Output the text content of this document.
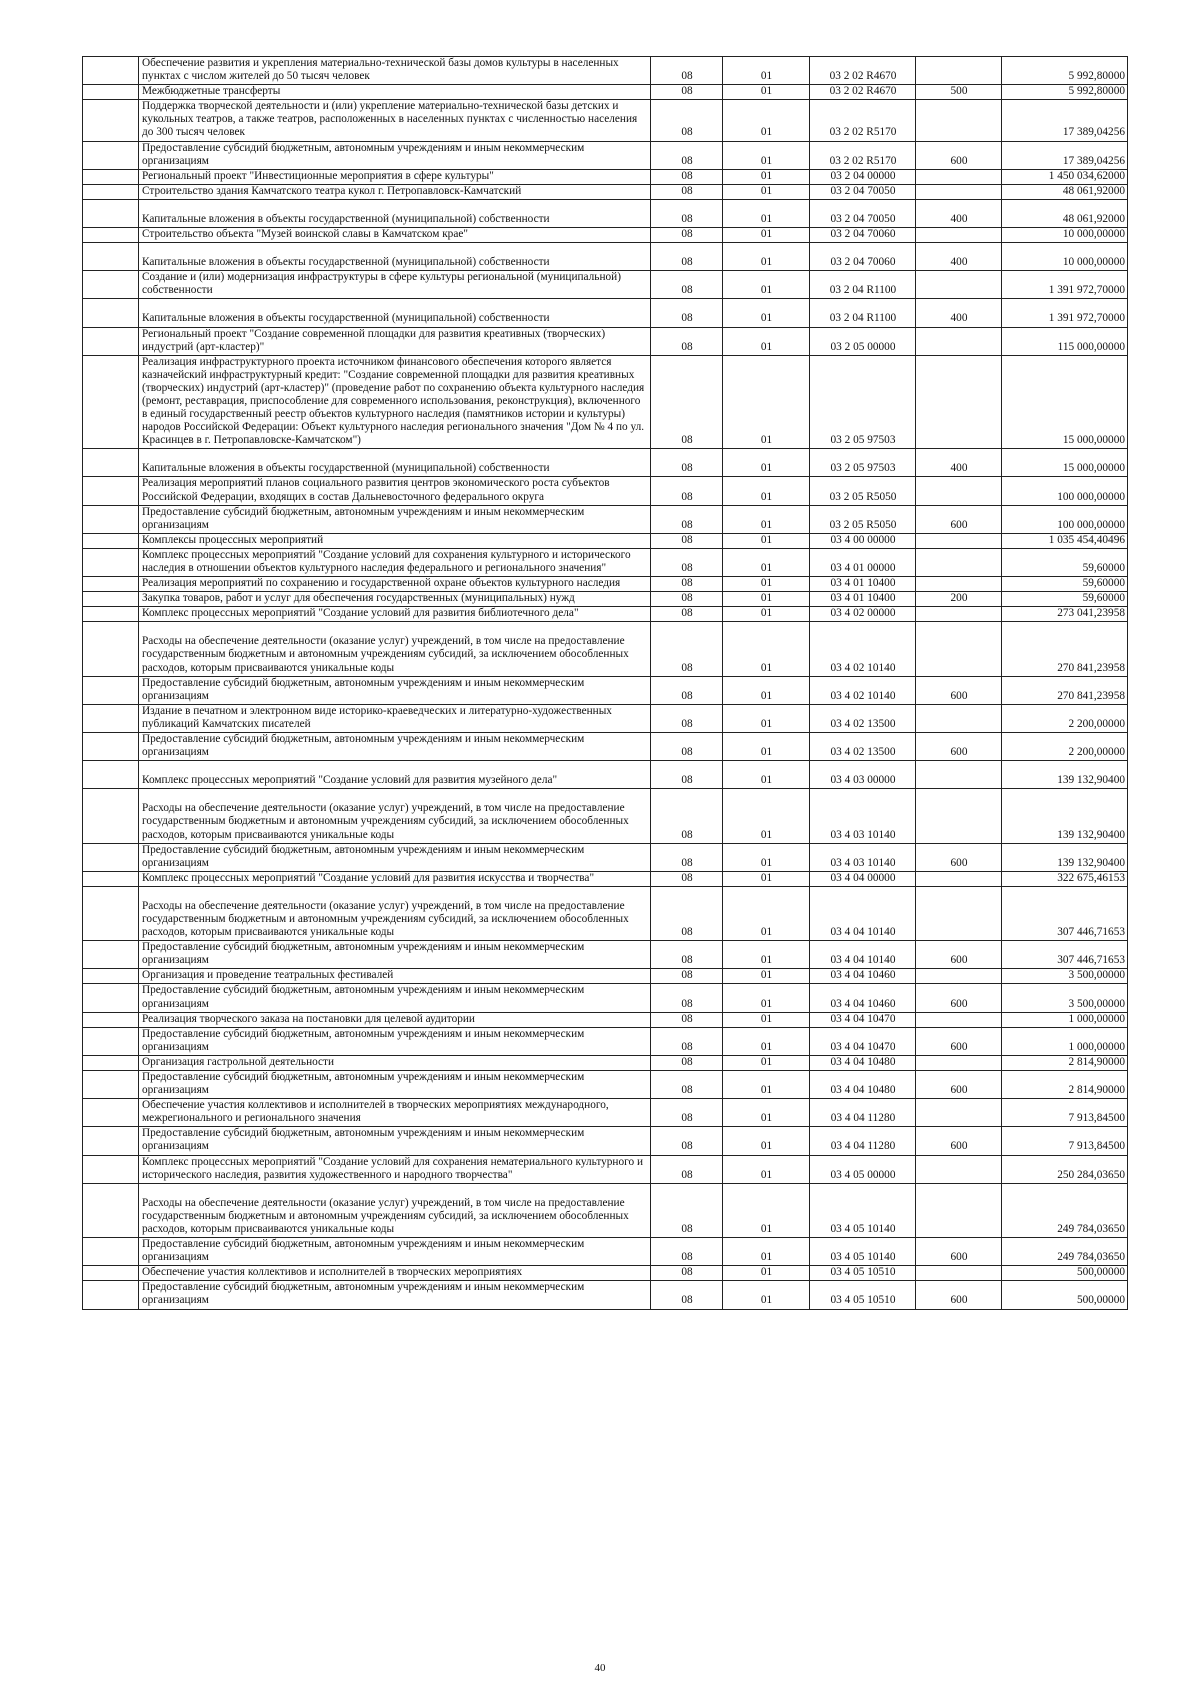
	Обеспечение развития и укрепления материально-технической базы домов культуры в населенных пунктах с числом жителей до 50 тысяч человек	08	01	03 2 02 R4670		5 992,80000

	Межбюджетные трансферты	08	01	03 2 02 R4670	500	5 992,80000

	Поддержка творческой деятельности и (или) укрепление материально-технической базы детских и кукольных театров, а также театров, расположенных в населенных пунктах с численностью населения до 300 тысяч человек	08	01	03 2 02 R5170		17 389,04256

	Предоставление субсидий бюджетным, автономным учреждениям и иным некоммерческим организациям	08	01	03 2 02 R5170	600	17 389,04256

	Региональный проект "Инвестиционные мероприятия в сфере культуры"	08	01	03 2 04 00000		1 450 034,62000

	Строительство здания Камчатского театра кукол г. Петропавловск-Камчатский	08	01	03 2 04 70050		48 061,92000

	Капитальные вложения в объекты государственной (муниципальной) собственности	08	01	03 2 04 70050	400	48 061,92000

	Строительство объекта "Музей воинской славы в Камчатском крае"	08	01	03 2 04 70060		10 000,00000

	Капитальные вложения в объекты государственной (муниципальной) собственности	08	01	03 2 04 70060	400	10 000,00000

	Создание и (или) модернизация инфраструктуры в сфере культуры региональной (муниципальной) собственности	08	01	03 2 04 R1100		1 391 972,70000

	Капитальные вложения в объекты государственной (муниципальной) собственности	08	01	03 2 04 R1100	400	1 391 972,70000

	Региональный проект "Создание современной площадки для развития креативных (творческих) индустрий (арт-кластер)"	08	01	03 2 05 00000		115 000,00000

	Реализация инфраструктурного проекта источником финансового обеспечения которого является казначейский инфраструктурный кредит: "Создание современной площадки для развития креативных (творческих) индустрий (арт-кластер)" (проведение работ по сохранению объекта культурного наследия (ремонт, реставрация, приспособление для современного использования, реконструкция), включенного в единый государственный реестр объектов культурного наследия (памятников истории и культуры) народов Российской Федерации: Объект культурного наследия регионального значения "Дом № 4 по ул. Красинцев в г. Петропавловске-Камчатском")	08	01	03 2 05 97503		15 000,00000

	Капитальные вложения в объекты государственной (муниципальной) собственности	08	01	03 2 05 97503	400	15 000,00000

	Реализация мероприятий планов социального развития центров экономического роста субъектов Российской Федерации, входящих в состав Дальневосточного федерального округа	08	01	03 2 05 R5050		100 000,00000

	Предоставление субсидий бюджетным, автономным учреждениям и иным некоммерческим организациям	08	01	03 2 05 R5050	600	100 000,00000

	Комплексы процессных мероприятий	08	01	03 4 00 00000		1 035 454,40496

	Комплекс процессных мероприятий "Создание условий для сохранения культурного и исторического наследия в отношении объектов культурного наследия федерального и регионального значения"	08	01	03 4 01 00000		59,60000

	Реализация мероприятий по сохранению и государственной охране объектов культурного наследия	08	01	03 4 01 10400		59,60000

	Закупка товаров, работ и услуг для обеспечения государственных (муниципальных) нужд	08	01	03 4 01 10400	200	59,60000

	Комплекс процессных мероприятий "Создание условий для развития библиотечного дела"	08	01	03 4 02 00000		273 041,23958

	Расходы на обеспечение деятельности (оказание услуг) учреждений, в том числе на предоставление государственным бюджетным и автономным учреждениям субсидий, за исключением обособленных расходов, которым присваиваются уникальные коды	08	01	03 4 02 10140		270 841,23958

	Предоставление субсидий бюджетным, автономным учреждениям и иным некоммерческим организациям	08	01	03 4 02 10140	600	270 841,23958

	Издание в печатном и электронном виде историко-краеведческих и литературно-художественных публикаций Камчатских писателей	08	01	03 4 02 13500		2 200,00000

	Предоставление субсидий бюджетным, автономным учреждениям и иным некоммерческим организациям	08	01	03 4 02 13500	600	2 200,00000

	Комплекс процессных мероприятий "Создание условий для развития музейного дела"	08	01	03 4 03 00000		139 132,90400

	Расходы на обеспечение деятельности (оказание услуг) учреждений, в том числе на предоставление государственным бюджетным и автономным учреждениям субсидий, за исключением обособленных расходов, которым присваиваются уникальные коды	08	01	03 4 03 10140		139 132,90400

	Предоставление субсидий бюджетным, автономным учреждениям и иным некоммерческим организациям	08	01	03 4 03 10140	600	139 132,90400

	Комплекс процессных мероприятий "Создание условий для развития искусства и творчества"	08	01	03 4 04 00000		322 675,46153

	Расходы на обеспечение деятельности (оказание услуг) учреждений, в том числе на предоставление государственным бюджетным и автономным учреждениям субсидий, за исключением обособленных расходов, которым присваиваются уникальные коды	08	01	03 4 04 10140		307 446,71653

	Предоставление субсидий бюджетным, автономным учреждениям и иным некоммерческим организациям	08	01	03 4 04 10140	600	307 446,71653

	Организация и проведение театральных фестивалей	08	01	03 4 04 10460		3 500,00000

	Предоставление субсидий бюджетным, автономным учреждениям и иным некоммерческим организациям	08	01	03 4 04 10460	600	3 500,00000

	Реализация творческого заказа на постановки для целевой аудитории	08	01	03 4 04 10470		1 000,00000

	Предоставление субсидий бюджетным, автономным учреждениям и иным некоммерческим организациям	08	01	03 4 04 10470	600	1 000,00000

	Организация гастрольной деятельности	08	01	03 4 04 10480		2 814,90000

	Предоставление субсидий бюджетным, автономным учреждениям и иным некоммерческим организациям	08	01	03 4 04 10480	600	2 814,90000

	Обеспечение участия коллективов и исполнителей в творческих мероприятиях международного, межрегионального и регионального значения	08	01	03 4 04 11280		7 913,84500

	Предоставление субсидий бюджетным, автономным учреждениям и иным некоммерческим организациям	08	01	03 4 04 11280	600	7 913,84500

	Комплекс процессных мероприятий "Создание условий для сохранения нематериального культурного и исторического наследия, развития художественного и народного творчества"	08	01	03 4 05 00000		250 284,03650

	Расходы на обеспечение деятельности (оказание услуг) учреждений, в том числе на предоставление государственным бюджетным и автономным учреждениям субсидий, за исключением обособленных расходов, которым присваиваются уникальные коды	08	01	03 4 05 10140		249 784,03650

	Предоставление субсидий бюджетным, автономным учреждениям и иным некоммерческим организациям	08	01	03 4 05 10140	600	249 784,03650

	Обеспечение участия коллективов и исполнителей в творческих мероприятиях	08	01	03 4 05 10510		500,00000

	Предоставление субсидий бюджетным, автономным учреждениям и иным некоммерческим организациям	08	01	03 4 05 10510	600	500,00000
40
